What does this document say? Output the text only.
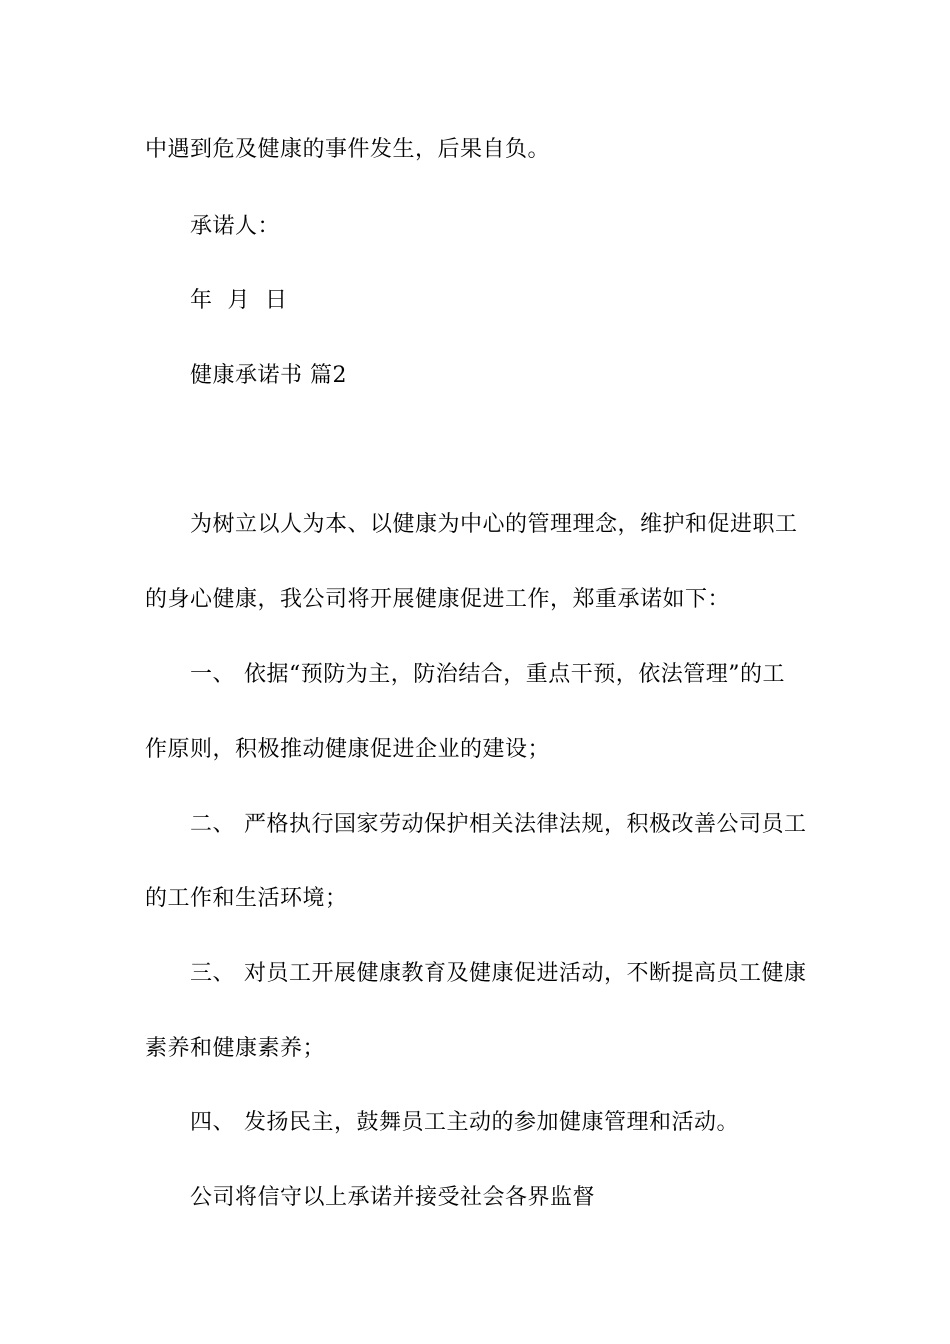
中遇到危及健康的事件发生，后果自负。
承诺人：
年  月  日
健康承诺书 篇2
为树立以人为本、以健康为中心的管理理念，维护和促进职工
的身心健康，我公司将开展健康促进工作，郑重承诺如下：
一、 依据“预防为主，防治结合，重点干预，依法管理”的工
作原则，积极推动健康促进企业的建设；
二、 严格执行国家劳动保护相关法律法规，积极改善公司员工
的工作和生活环境；
三、 对员工开展健康教育及健康促进活动，不断提高员工健康
素养和健康素养；
四、 发扬民主，鼓舞员工主动的参加健康管理和活动。
公司将信守以上承诺并接受社会各界监督
